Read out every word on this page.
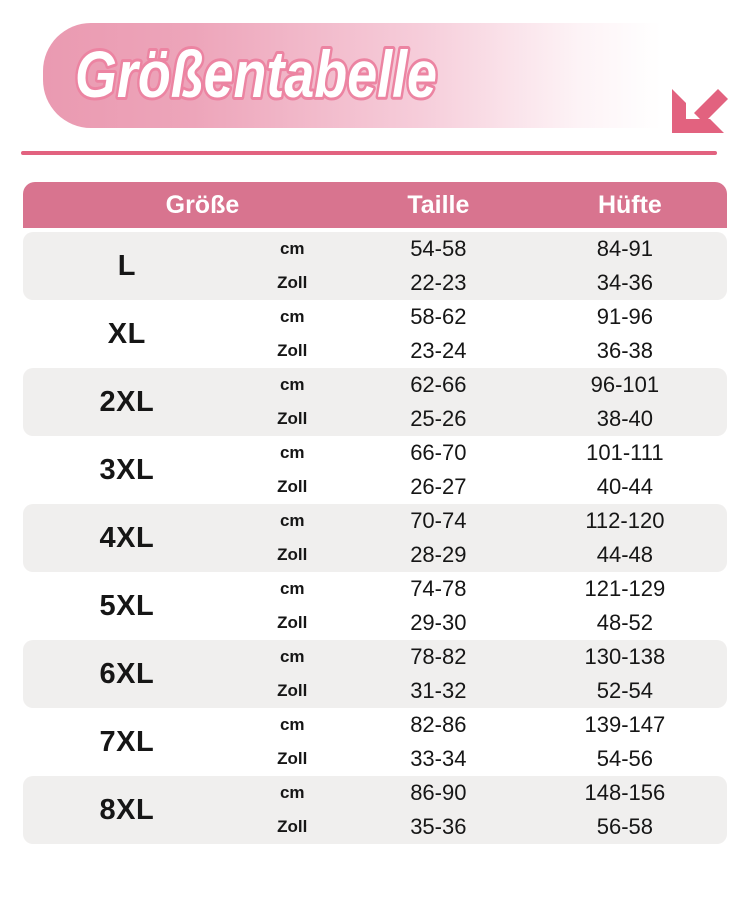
Größentabelle
Größe	Taille	Hüfte
L
cm	54-58	84-91
Zoll	22-23	34-36
XL
cm	58-62	91-96
Zoll	23-24	36-38
2XL
cm	62-66	96-101
Zoll	25-26	38-40
3XL
cm	66-70	101-111
Zoll	26-27	40-44
4XL
cm	70-74	112-120
Zoll	28-29	44-48
5XL
cm	74-78	121-129
Zoll	29-30	48-52
6XL
cm	78-82	130-138
Zoll	31-32	52-54
7XL
cm	82-86	139-147
Zoll	33-34	54-56
8XL
cm	86-90	148-156
Zoll	35-36	56-58
